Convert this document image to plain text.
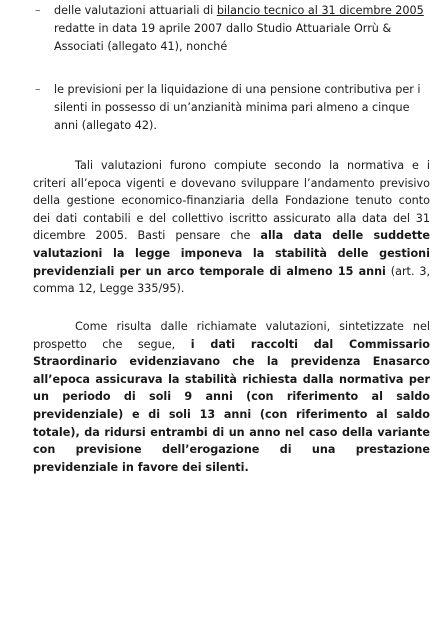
– delle valutazioni attuariali di bilancio tecnico al 31 dicembre 2005 redatte in data 19 aprile 2007 dallo Studio Attuariale Orrù & Associati (allegato 41), nonché
– le previsioni per la liquidazione di una pensione contributiva per i silenti in possesso di un’anzianità minima pari almeno a cinque anni (allegato 42).
Tali valutazioni furono compiute secondo la normativa e i criteri all’epoca vigenti e dovevano sviluppare l’andamento previsivo della gestione economico-finanziaria della Fondazione tenuto conto dei dati contabili e del collettivo iscritto assicurato alla data del 31 dicembre 2005. Basti pensare che alla data delle suddette valutazioni la legge imponeva la stabilità delle gestioni previdenziali per un arco temporale di almeno 15 anni (art. 3, comma 12, Legge 335/95).
Come risulta dalle richiamate valutazioni, sintetizzate nel prospetto che segue, i dati raccolti dal Commissario Straordinario evidenziavano che la previdenza Enasarco all’epoca assicurava la stabilità richiesta dalla normativa per un periodo di soli 9 anni (con riferimento al saldo previdenziale) e di soli 13 anni (con riferimento al saldo totale), da ridursi entrambi di un anno nel caso della variante con previsione dell’erogazione di una prestazione previdenziale in favore dei silenti.
